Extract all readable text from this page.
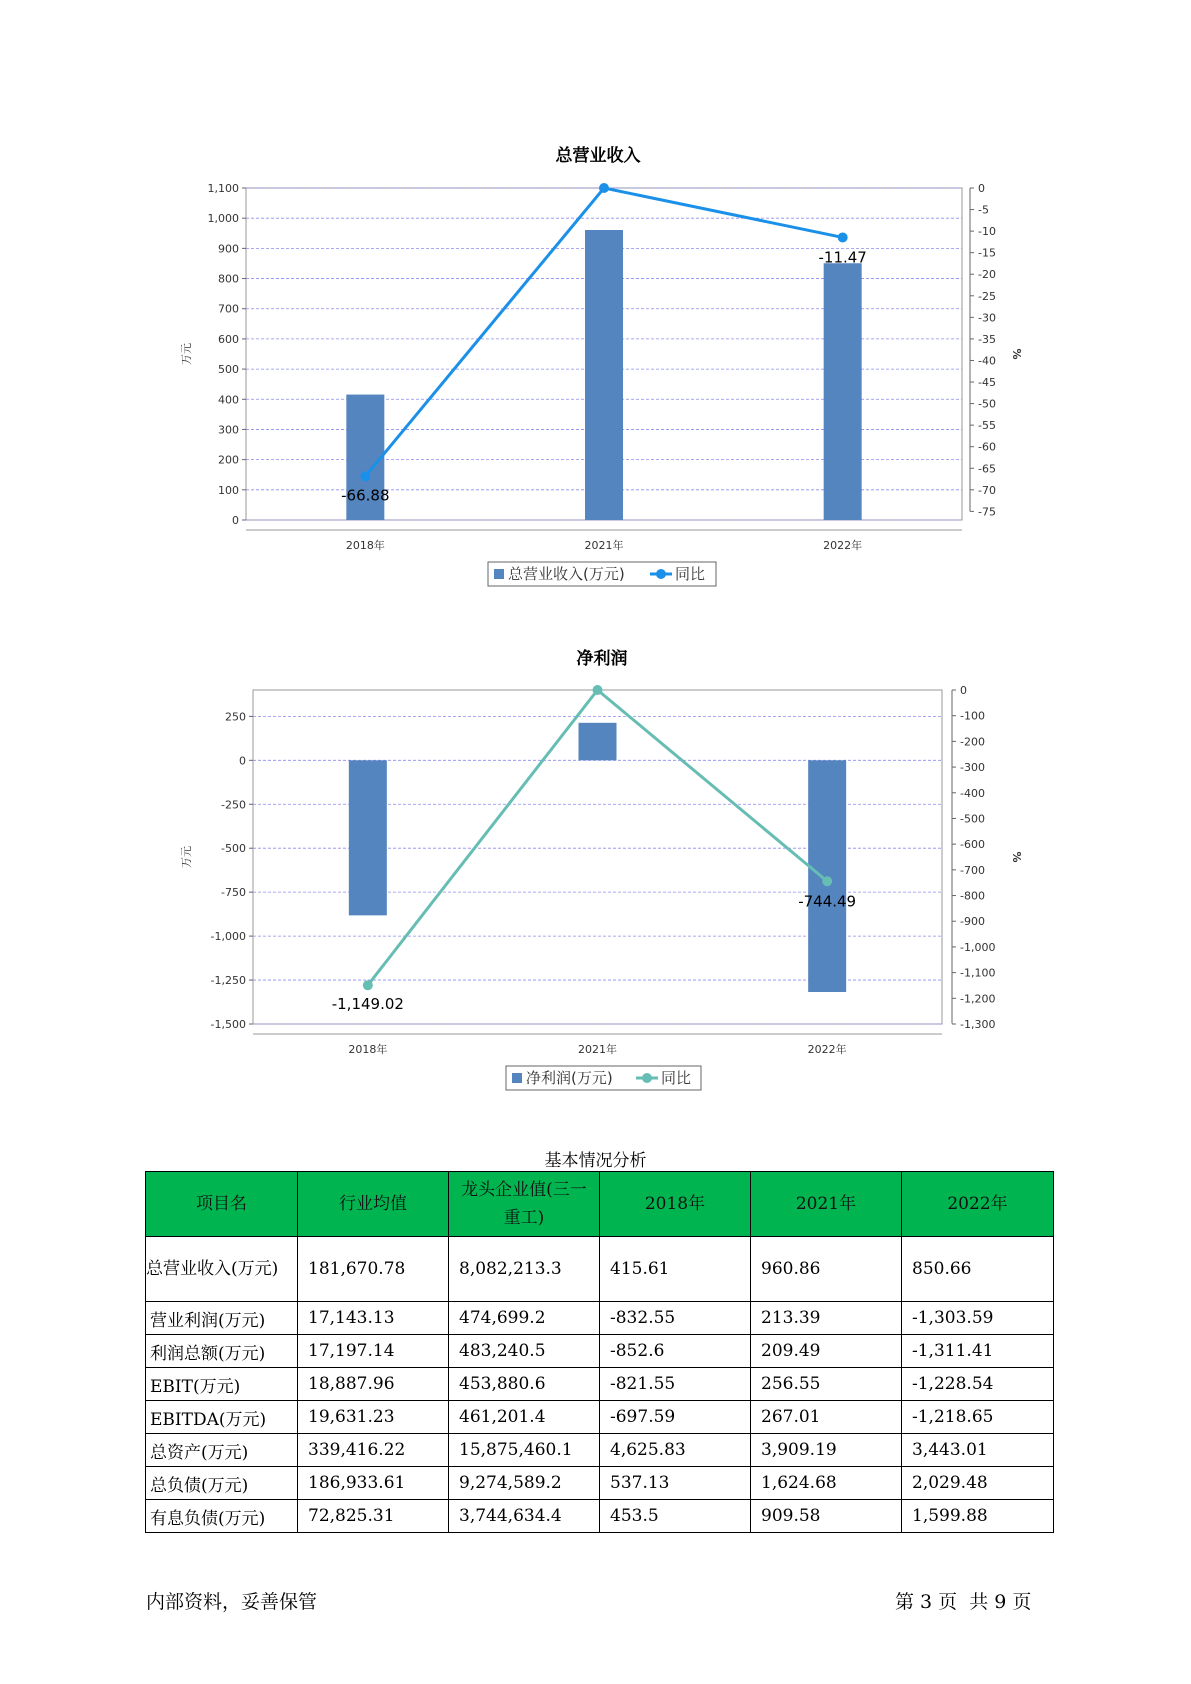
总营业收入
0
100
200
300
400
500
600
700
800
900
1,000
1,100	0
-5
-10
-15
-20
-25
-30
-35
-40
-45
-50
-55
-60
-65
-70
-75
万元	%
2018年	2021年	2022年
-66.88
-11.47
总营业收入(万元)	同比
净利润
250
0
-250
-500
-750
-1,000
-1,250
-1,500
0
-100
-200
-300
-400
-500
-600
-700
-800
-900
-1,000
-1,100
-1,200
-1,300
万元	%
2018年	2021年	2022年
-1,149.02
-744.49
净利润(万元)	同比
基本情况分析
项目名	行业均值	龙头企业值(三一重工)	2018年	2021年	2022年
总营业收入(万元)	181,670.78	8,082,213.3	415.61	960.86	850.66
营业利润(万元)	17,143.13	474,699.2	-832.55	213.39	-1,303.59
利润总额(万元)	17,197.14	483,240.5	-852.6	209.49	-1,311.41
EBIT(万元)	18,887.96	453,880.6	-821.55	256.55	-1,228.54
EBITDA(万元)	19,631.23	461,201.4	-697.59	267.01	-1,218.65
总资产(万元)	339,416.22	15,875,460.1	4,625.83	3,909.19	3,443.01
总负债(万元)	186,933.61	9,274,589.2	537.13	1,624.68	2,029.48
有息负债(万元)	72,825.31	3,744,634.4	453.5	909.58	1,599.88
内部资料，妥善保管	第 3 页  共 9 页
